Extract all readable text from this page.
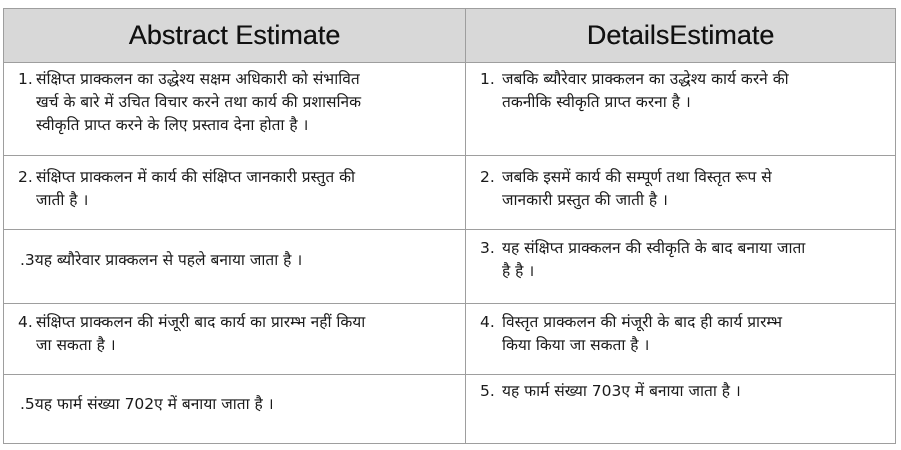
Abstract Estimate	DetailsEstimate
1. संक्षिप्त प्राक्कलन का उद्धेश्य सक्षम अधिकारी को संभावित
खर्च के बारे में उचित विचार करने तथा कार्य की प्रशासनिक
स्वीकृति प्राप्त करने के लिए प्रस्ताव देना होता है ।
1. जबकि ब्यौरेवार प्राक्कलन का उद्धेश्य कार्य करने की
तकनीकि स्वीकृति प्राप्त करना है ।
2. संक्षिप्त प्राक्कलन में कार्य की संक्षिप्त जानकारी प्रस्तुत की
जाती है ।
2. जबकि इसमें कार्य की सम्पूर्ण तथा विस्तृत रूप से
जानकारी प्रस्तुत की जाती है ।
.3यह ब्यौरेवार प्राक्कलन से पहले बनाया जाता है ।
3. यह संक्षिप्त प्राक्कलन की स्वीकृति के बाद बनाया जाता
है है ।
4. संक्षिप्त प्राक्कलन की मंजूरी बाद कार्य का प्रारम्भ नहीं किया
जा सकता है ।
4. विस्तृत प्राक्कलन की मंजूरी के बाद ही कार्य प्रारम्भ
किया किया जा सकता है ।
.5यह फार्म संख्या 702ए में बनाया जाता है ।
5. यह फार्म संख्या 703ए में बनाया जाता है ।
